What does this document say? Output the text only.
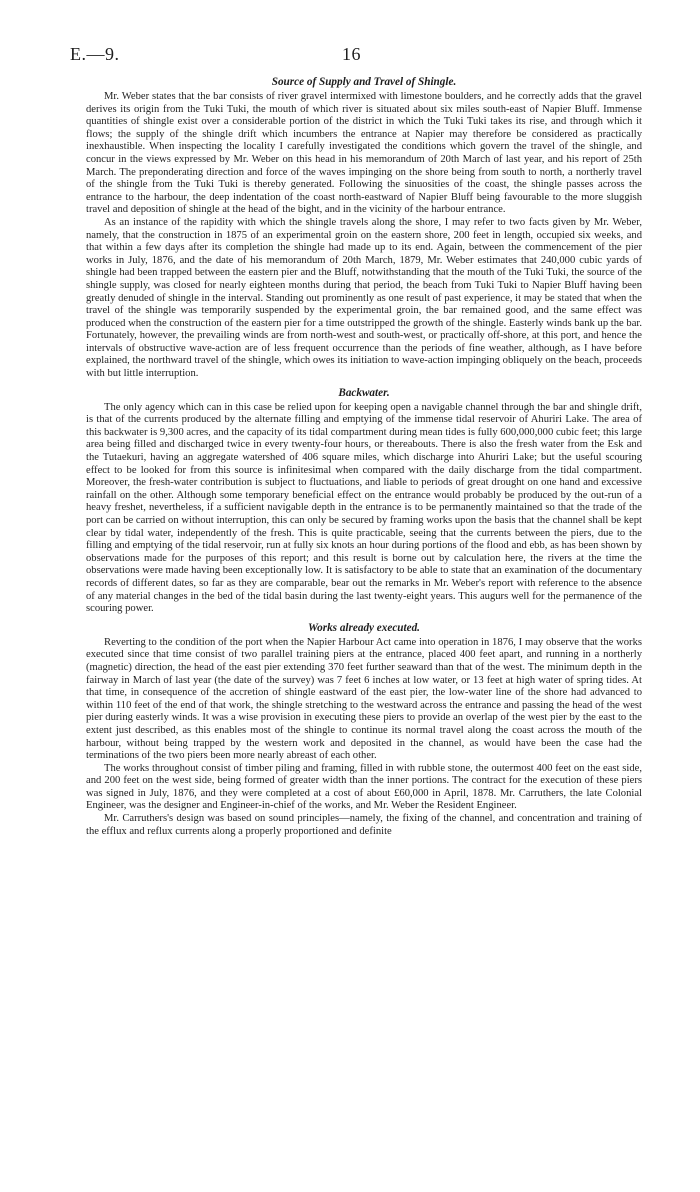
E.—9.	16
Source of Supply and Travel of Shingle.

Mr. Weber states that the bar consists of river gravel intermixed with limestone boulders, and he correctly adds that the gravel derives its origin from the Tuki Tuki, the mouth of which river is situated about six miles south-east of Napier Bluff. Immense quantities of shingle exist over a considerable portion of the district in which the Tuki Tuki takes its rise, and through which it flows; the supply of the shingle drift which incumbers the entrance at Napier may therefore be considered as practically inexhaustible. When inspecting the locality I carefully investigated the conditions which govern the travel of the shingle, and concur in the views expressed by Mr. Weber on this head in his memorandum of 20th March of last year, and his report of 25th March. The preponderating direction and force of the waves impinging on the shore being from south to north, a northerly travel of the shingle from the Tuki Tuki is thereby generated. Following the sinuosities of the coast, the shingle passes across the entrance to the harbour, the deep indentation of the coast north-eastward of Napier Bluff being favourable to the more sluggish travel and deposition of shingle at the head of the bight, and in the vicinity of the harbour entrance.

As an instance of the rapidity with which the shingle travels along the shore, I may refer to two facts given by Mr. Weber, namely, that the construction in 1875 of an experimental groin on the eastern shore, 200 feet in length, occupied six weeks, and that within a few days after its completion the shingle had made up to its end. Again, between the commencement of the pier works in July, 1876, and the date of his memorandum of 20th March, 1879, Mr. Weber estimates that 240,000 cubic yards of shingle had been trapped between the eastern pier and the Bluff, notwithstanding that the mouth of the Tuki Tuki, the source of the shingle supply, was closed for nearly eighteen months during that period, the beach from Tuki Tuki to Napier Bluff having been greatly denuded of shingle in the interval. Standing out prominently as one result of past experience, it may be stated that when the travel of the shingle was temporarily suspended by the experimental groin, the bar remained good, and the same effect was produced when the construction of the eastern pier for a time outstripped the growth of the shingle. Easterly winds bank up the bar. Fortunately, however, the prevailing winds are from north-west and south-west, or practically off-shore, at this port, and hence the intervals of obstructive wave-action are of less frequent occurrence than the periods of fine weather, although, as I have before explained, the northward travel of the shingle, which owes its initiation to wave-action impinging obliquely on the beach, proceeds with but little interruption.

Backwater.

The only agency which can in this case be relied upon for keeping open a navigable channel through the bar and shingle drift, is that of the currents produced by the alternate filling and emptying of the immense tidal reservoir of Ahuriri Lake. The area of this backwater is 9,300 acres, and the capacity of its tidal compartment during mean tides is fully 600,000,000 cubic feet; this large area being filled and discharged twice in every twenty-four hours, or thereabouts. There is also the fresh water from the Esk and the Tutaekuri, having an aggregate watershed of 406 square miles, which discharge into Ahuriri Lake; but the useful scouring effect to be looked for from this source is infinitesimal when compared with the daily discharge from the tidal compartment. Moreover, the fresh-water contribution is subject to fluctuations, and liable to periods of great drought on one hand and excessive rainfall on the other. Although some temporary beneficial effect on the entrance would probably be produced by the out-run of a heavy freshet, nevertheless, if a sufficient navigable depth in the entrance is to be permanently maintained so that the trade of the port can be carried on without interruption, this can only be secured by framing works upon the basis that the channel shall be kept clear by tidal water, independently of the fresh. This is quite practicable, seeing that the currents between the piers, due to the filling and emptying of the tidal reservoir, run at fully six knots an hour during portions of the flood and ebb, as has been shown by observations made for the purposes of this report; and this result is borne out by calculation here, the rivers at the time the observations were made having been exceptionally low. It is satisfactory to be able to state that an examination of the documentary records of different dates, so far as they are comparable, bear out the remarks in Mr. Weber's report with reference to the absence of any material changes in the bed of the tidal basin during the last twenty-eight years. This augurs well for the permanence of the scouring power.

Works already executed.

Reverting to the condition of the port when the Napier Harbour Act came into operation in 1876, I may observe that the works executed since that time consist of two parallel training piers at the entrance, placed 400 feet apart, and running in a northerly (magnetic) direction, the head of the east pier extending 370 feet further seaward than that of the west. The minimum depth in the fairway in March of last year (the date of the survey) was 7 feet 6 inches at low water, or 13 feet at high water of spring tides. At that time, in consequence of the accretion of shingle eastward of the east pier, the low-water line of the shore had advanced to within 110 feet of the end of that work, the shingle stretching to the westward across the entrance and passing the head of the west pier during easterly winds. It was a wise provision in executing these piers to provide an overlap of the west pier by the east to the extent just described, as this enables most of the shingle to continue its normal travel along the coast across the mouth of the harbour, without being trapped by the western work and deposited in the channel, as would have been the case had the terminations of the two piers been more nearly abreast of each other.

The works throughout consist of timber piling and framing, filled in with rubble stone, the outermost 400 feet on the east side, and 200 feet on the west side, being formed of greater width than the inner portions. The contract for the execution of these piers was signed in July, 1876, and they were completed at a cost of about £60,000 in April, 1878. Mr. Carruthers, the late Colonial Engineer, was the designer and Engineer-in-chief of the works, and Mr. Weber the Resident Engineer.

Mr. Carruthers's design was based on sound principles—namely, the fixing of the channel, and concentration and training of the efflux and reflux currents along a properly proportioned and definite
